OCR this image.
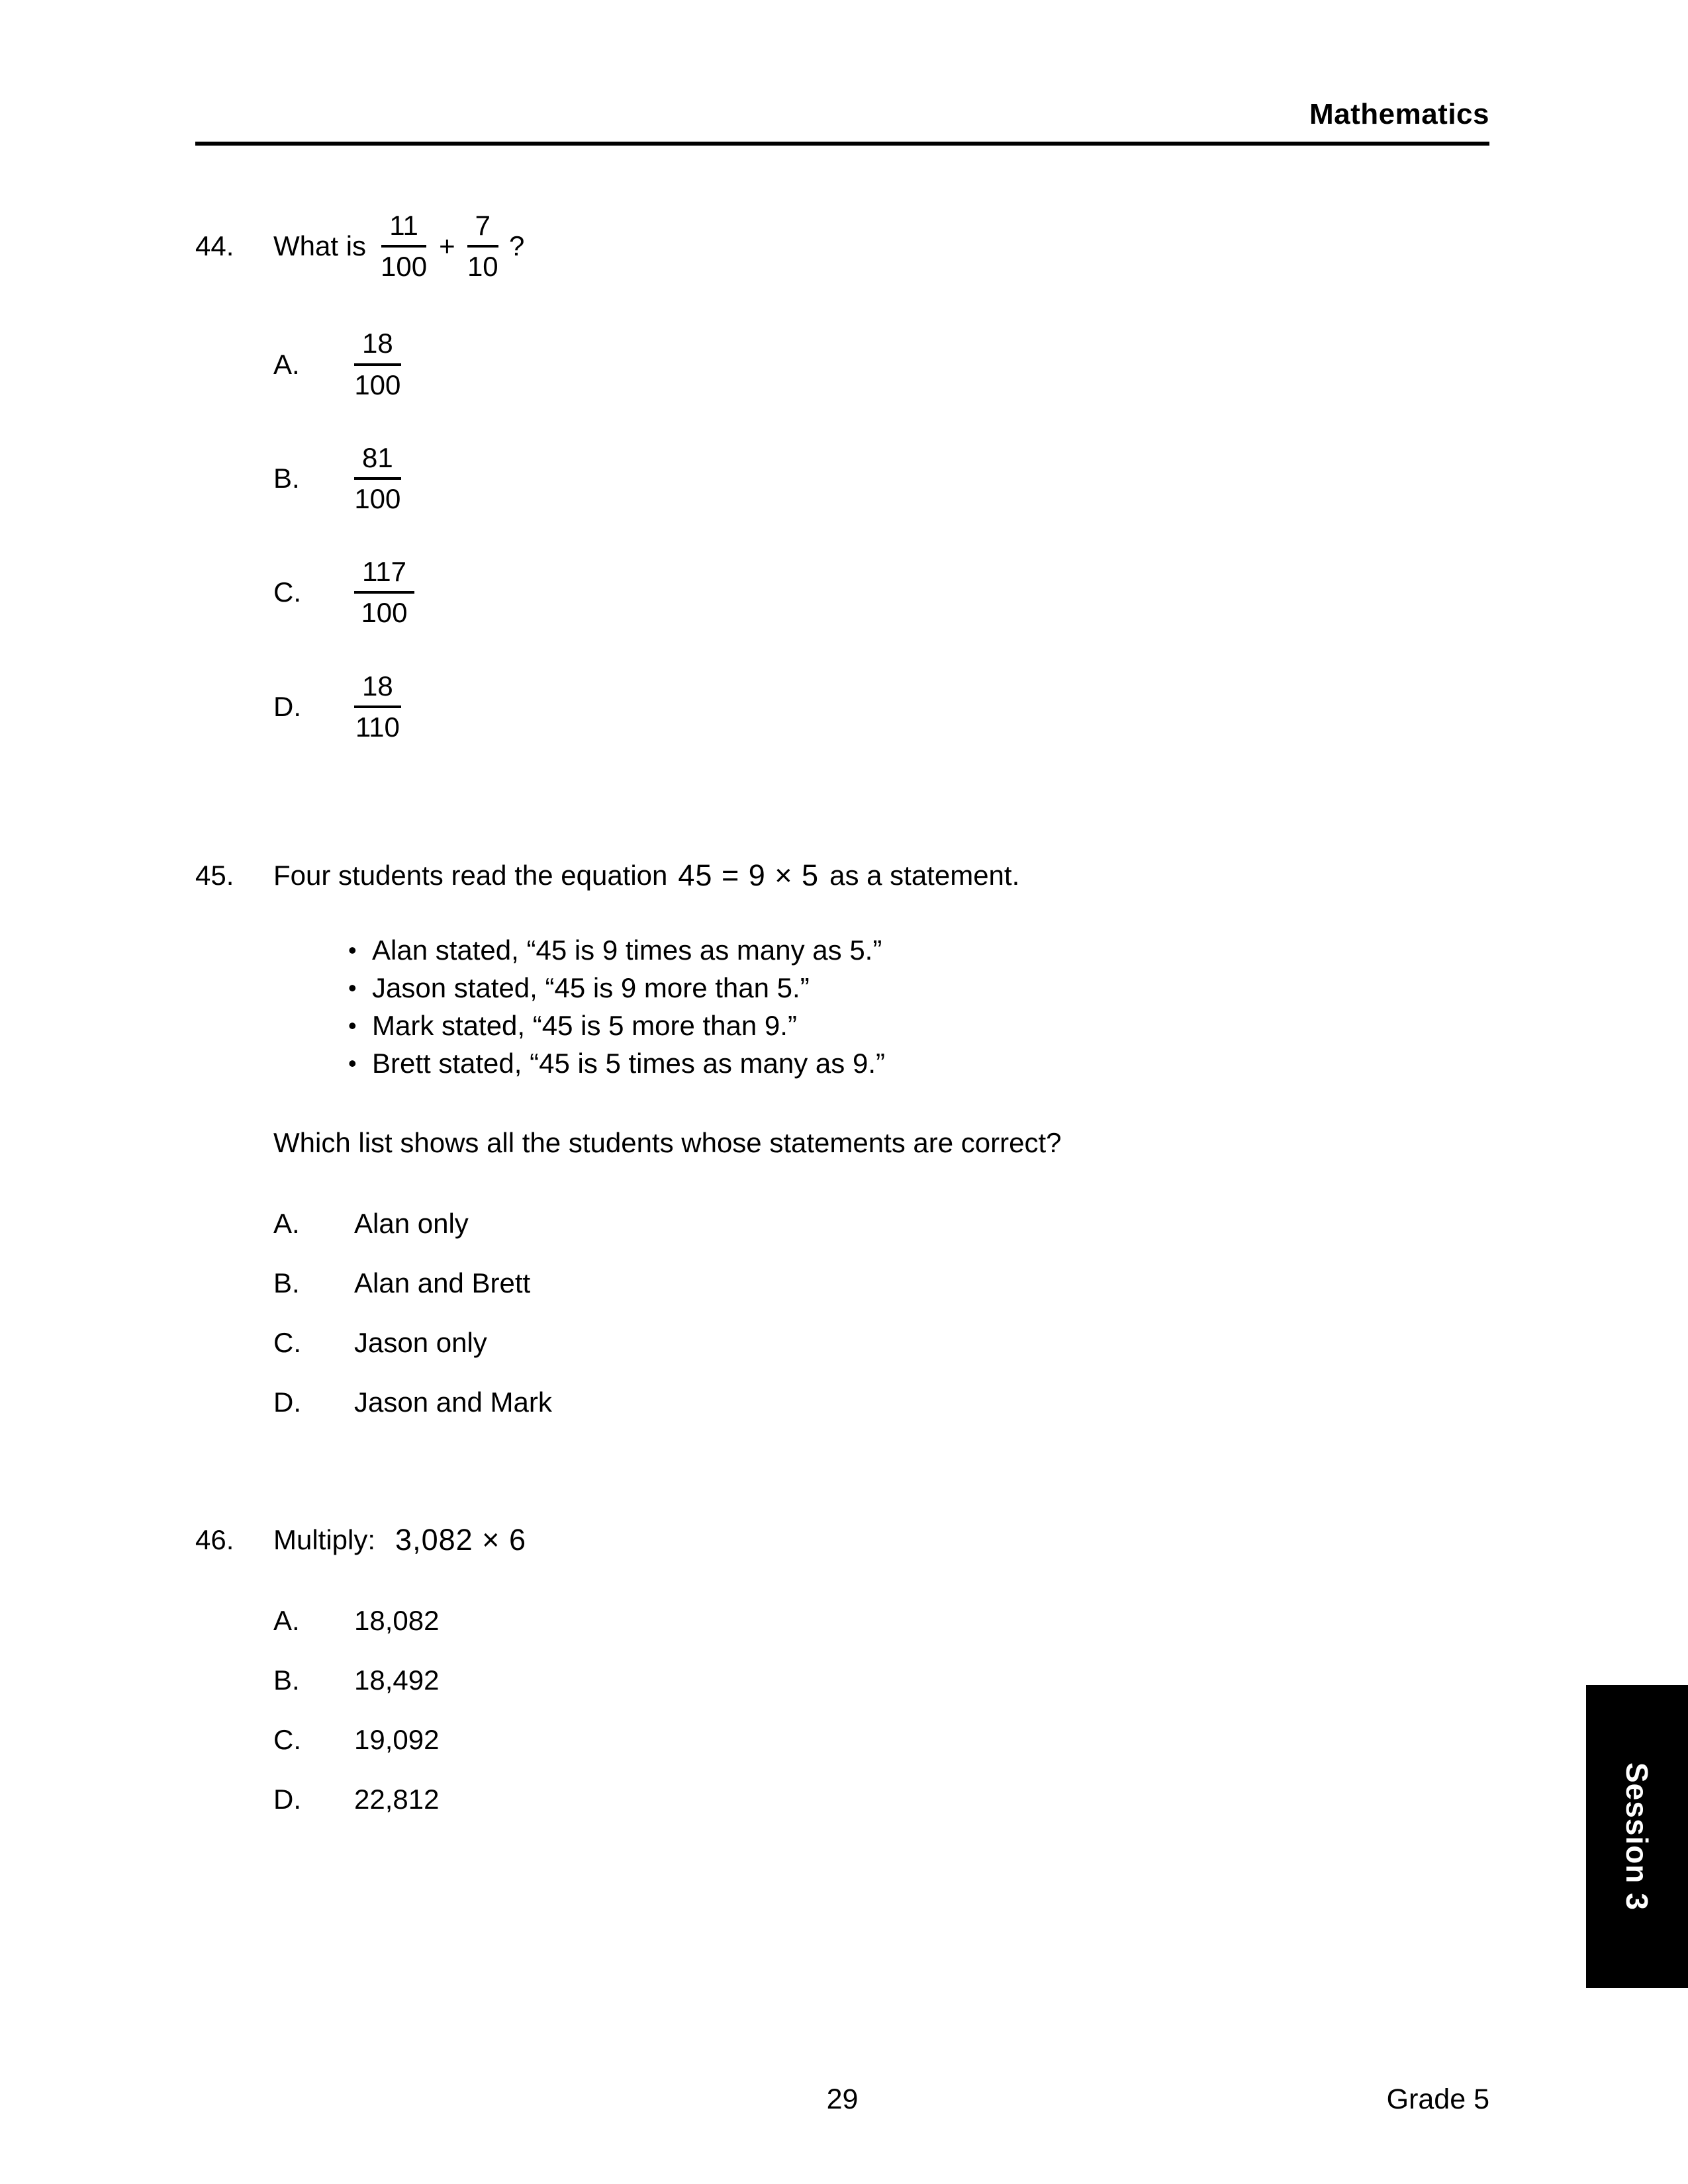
Mathematics
44.	What is $\frac{11}{100} + \frac{7}{10}$ ?
A.	$\frac{18}{100}$
B.	$\frac{81}{100}$
C.	$\frac{117}{100}$
D.	$\frac{18}{110}$
45.	Four students read the equation 45 = 9 × 5 as a statement.
• Alan stated, “45 is 9 times as many as 5.”
• Jason stated, “45 is 9 more than 5.”
• Mark stated, “45 is 5 more than 9.”
• Brett stated, “45 is 5 times as many as 9.”
Which list shows all the students whose statements are correct?
A.	Alan only
B.	Alan and Brett
C.	Jason only
D.	Jason and Mark
46.	Multiply: 3,082 × 6
A.	18,082
B.	18,492
C.	19,092
D.	22,812	Session 3
29	Grade 5
